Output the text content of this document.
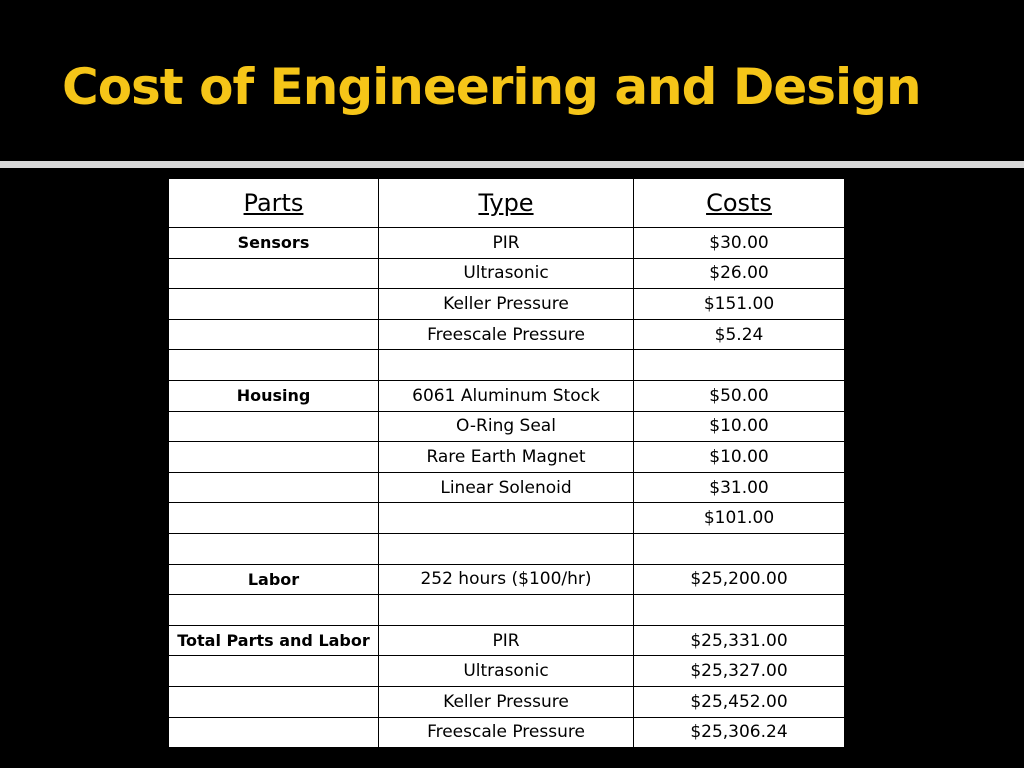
Cost of Engineering and Design
Parts	Type	Costs
Sensors	PIR	$30.00
	Ultrasonic	$26.00
	Keller Pressure	$151.00
	Freescale Pressure	$5.24

Housing	6061 Aluminum Stock	$50.00
	O-Ring Seal	$10.00
	Rare Earth Magnet	$10.00
	Linear Solenoid	$31.00
		$101.00

Labor	252 hours ($100/hr)	$25,200.00

Total Parts and Labor	PIR	$25,331.00
	Ultrasonic	$25,327.00
	Keller Pressure	$25,452.00
	Freescale Pressure	$25,306.24
